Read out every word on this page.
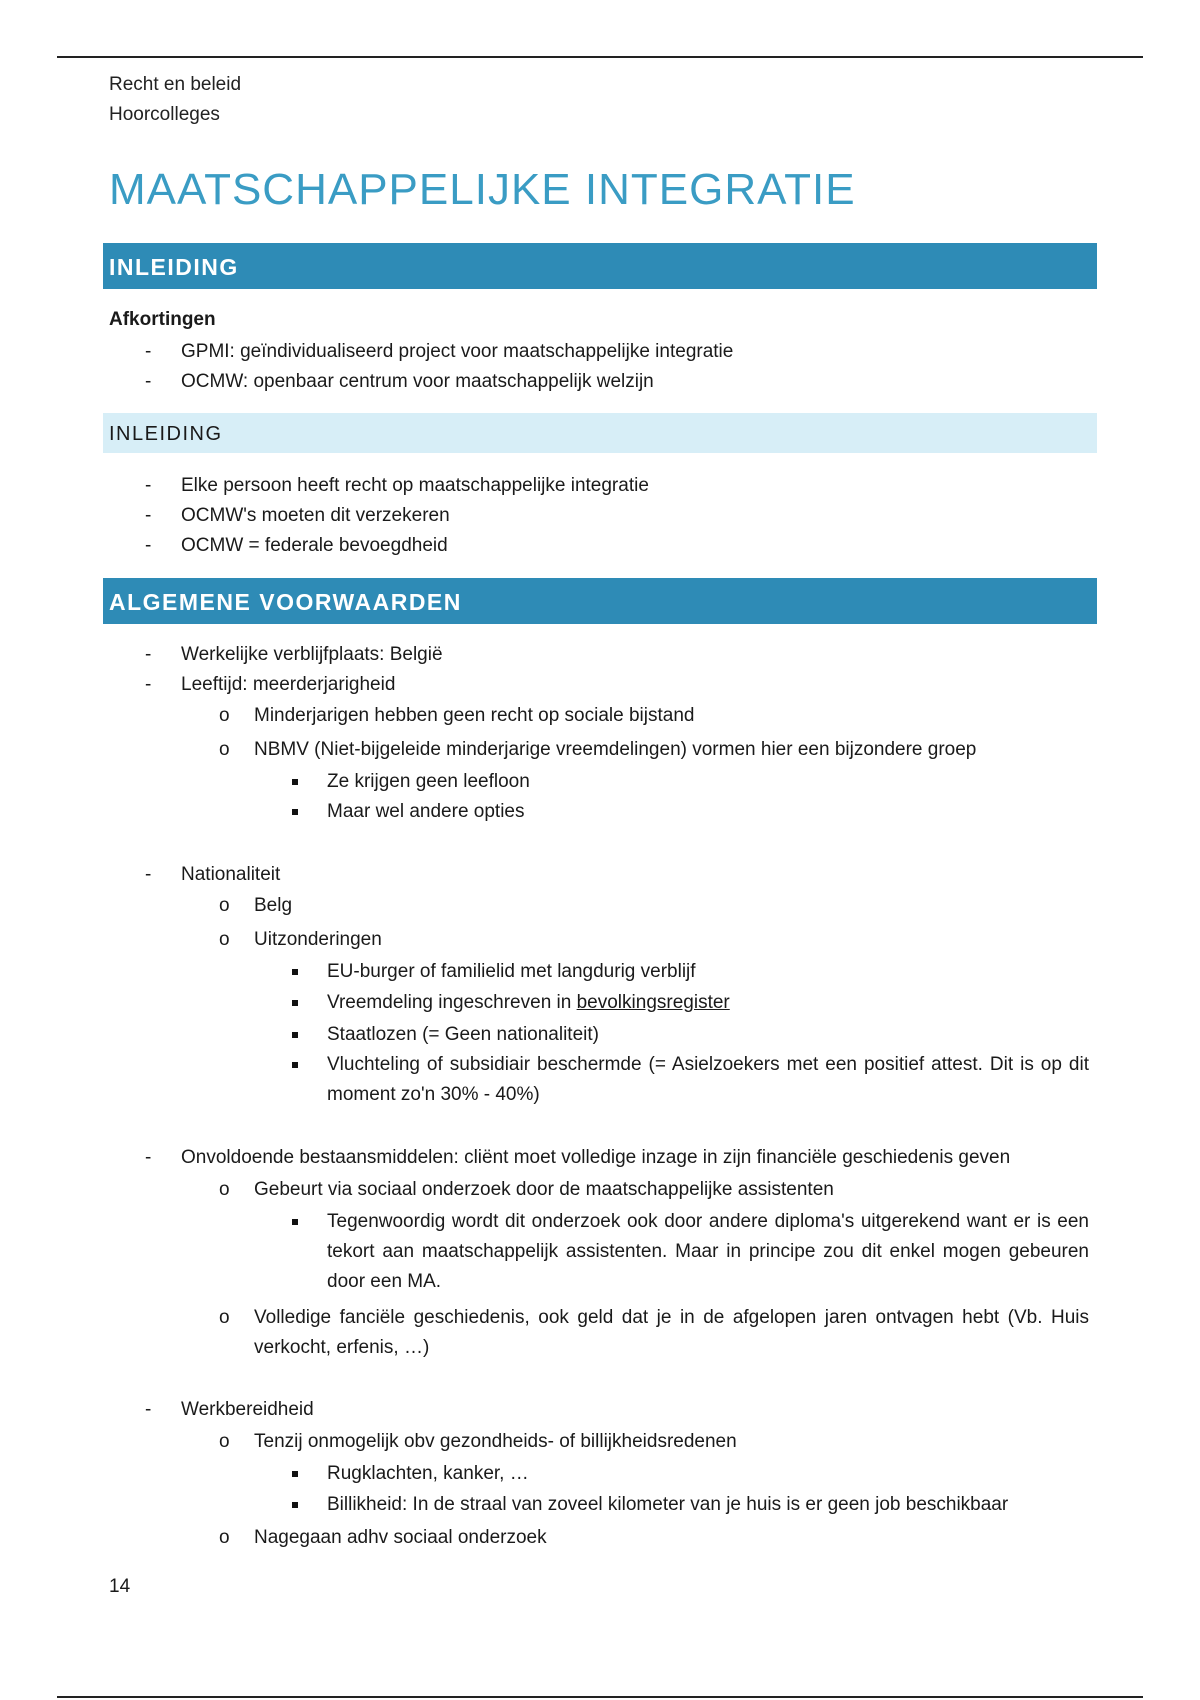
Recht en beleid
Hoorcolleges
MAATSCHAPPELIJKE INTEGRATIE
INLEIDING
Afkortingen
- GPMI: geïndividualiseerd project voor maatschappelijke integratie
- OCMW: openbaar centrum voor maatschappelijk welzijn
INLEIDING
- Elke persoon heeft recht op maatschappelijke integratie
- OCMW's moeten dit verzekeren
- OCMW = federale bevoegdheid
ALGEMENE VOORWAARDEN
- Werkelijke verblijfplaats: België
- Leeftijd: meerderjarigheid
o Minderjarigen hebben geen recht op sociale bijstand
o NBMV (Niet-bijgeleide minderjarige vreemdelingen) vormen hier een bijzondere groep
Ze krijgen geen leefloon
Maar wel andere opties
- Nationaliteit
o Belg
o Uitzonderingen
EU-burger of familielid met langdurig verblijf
Vreemdeling ingeschreven in bevolkingsregister
Staatlozen (= Geen nationaliteit)
Vluchteling of subsidiair beschermde (= Asielzoekers met een positief attest. Dit is op dit moment zo'n 30% - 40%)
- Onvoldoende bestaansmiddelen: cliënt moet volledige inzage in zijn financiële geschiedenis geven
o Gebeurt via sociaal onderzoek door de maatschappelijke assistenten
Tegenwoordig wordt dit onderzoek ook door andere diploma's uitgerekend want er is een tekort aan maatschappelijk assistenten. Maar in principe zou dit enkel mogen gebeuren door een MA.
o Volledige fanciële geschiedenis, ook geld dat je in de afgelopen jaren ontvagen hebt (Vb. Huis verkocht, erfenis, …)
- Werkbereidheid
o Tenzij onmogelijk obv gezondheids- of billijkheidsredenen
Rugklachten, kanker, …
Billikheid: In de straal van zoveel kilometer van je huis is er geen job beschikbaar
o Nagegaan adhv sociaal onderzoek
14
